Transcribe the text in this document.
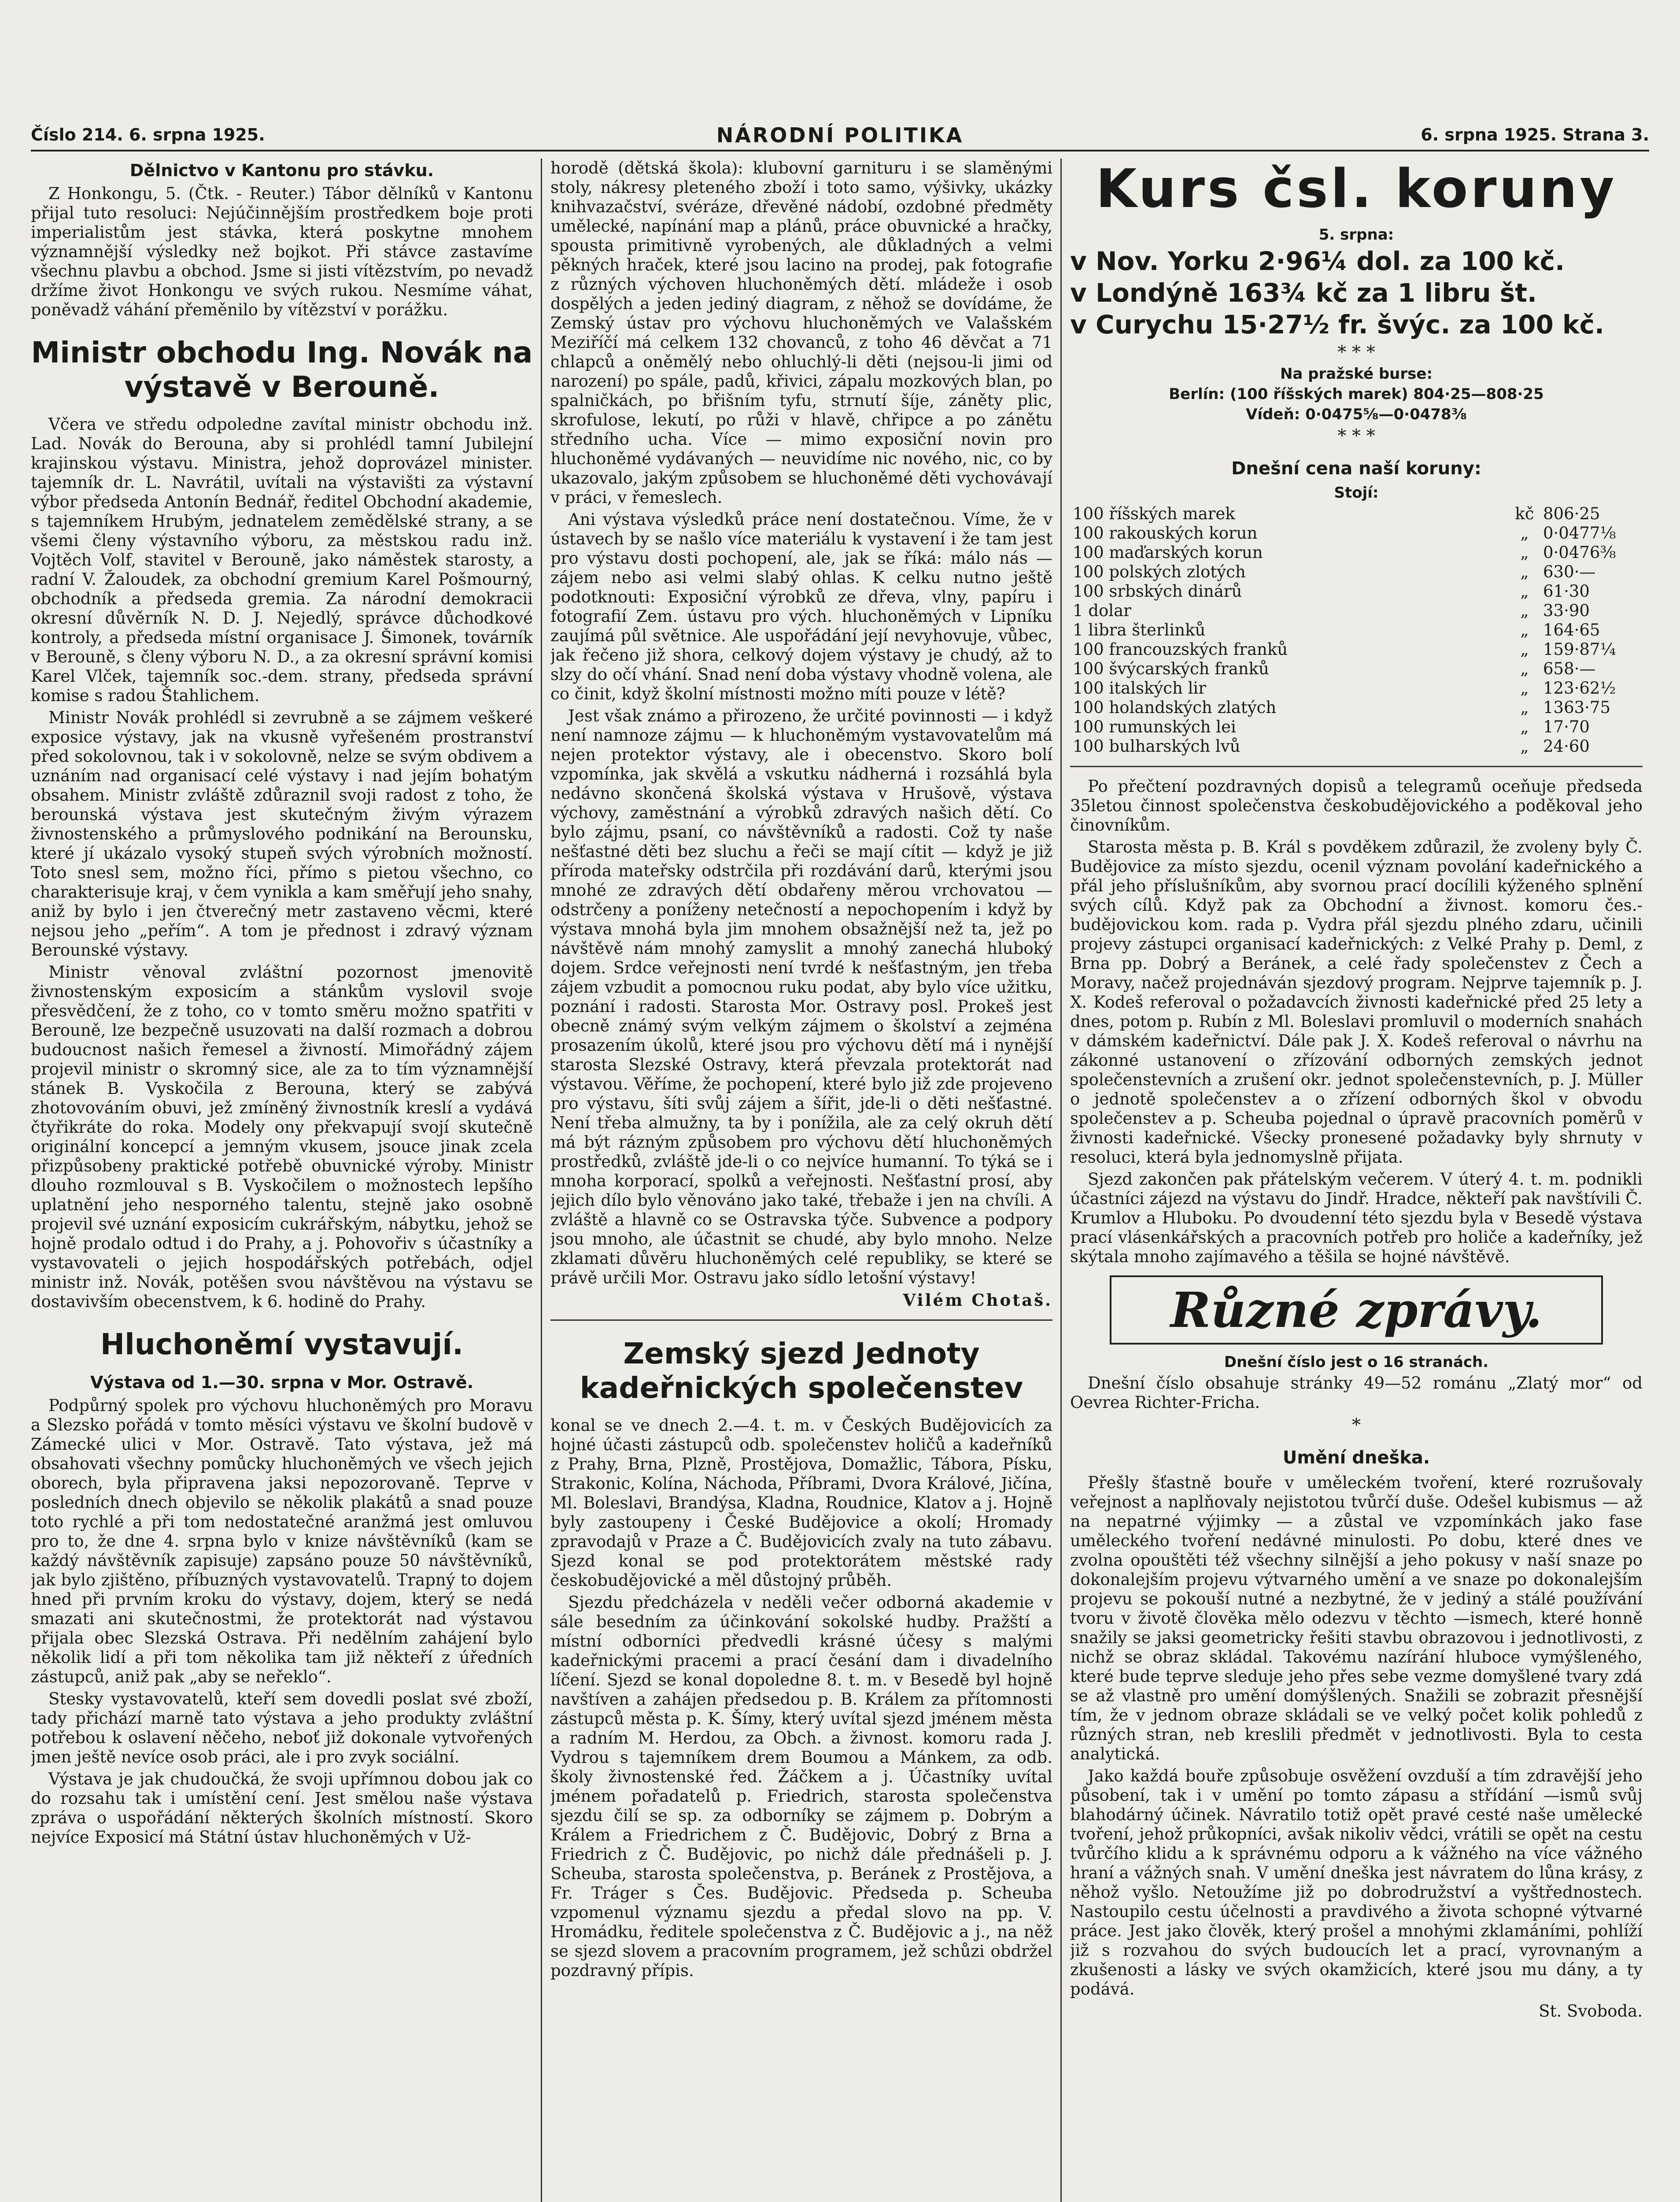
Číslo 214. 6. srpna 1925.	NÁRODNÍ POLITIKA	6. srpna 1925. Strana 3.
Dělnictvo v Kantonu pro stávku.

Z Honkongu, 5. (Čtk. - Reuter.) Tábor dělníků v Kantonu přijal tuto resoluci: Nejúčinnějším prostředkem boje proti imperialistům jest stávka, která poskytne mnohem významnější výsledky než bojkot. Při stávce zastavíme všechnu plavbu a obchod. Jsme si jisti vítězstvím, po nevadž držíme život Honkongu ve svých rukou. Nesmíme váhat, poněvadž váhání přeměnilo by vítězství v porážku.

Ministr obchodu Ing. Novák na výstavě v Berouně.

Včera ve středu odpoledne zavítal ministr obchodu inž. Lad. Novák do Berouna, aby si prohlédl tamní Jubilejní krajinskou výstavu. Ministra, jehož doprovázel minister. tajemník dr. L. Navrátil, uvítali na výstavišti za výstavní výbor předseda Antonín Bednář, ředitel Obchodní akademie, s tajemníkem Hrubým, jednatelem zemědělské strany, a se všemi členy výstavního výboru, za městskou radu inž. Vojtěch Volf, stavitel v Berouně, jako náměstek starosty, a radní V. Žaloudek, za obchodní gremium Karel Pošmourný, obchodník a předseda gremia. Za národní demokracii okresní důvěrník N. D. J. Nejedlý, správce důchodkové kontroly, a předseda místní organisace J. Šimonek, továrník v Berouně, s členy výboru N. D., a za okresní správní komisi Karel Vlček, tajemník soc.-dem. strany, předseda správní komise s radou Štahlichem.

Ministr Novák prohlédl si zevrubně a se zájmem veškeré exposice výstavy, jak na vkusně vyřešeném prostranství před sokolovnou, tak i v sokolovně, nelze se svým obdivem a uznáním nad organisací celé výstavy i nad jejím bohatým obsahem. Ministr zvláště zdůraznil svoji radost z toho, že berounská výstava jest skutečným živým výrazem živnostenského a průmyslového podnikání na Berounsku, které jí ukázalo vysoký stupeň svých výrobních možností. Toto snesl sem, možno říci, přímo s pietou všechno, co charakterisuje kraj, v čem vynikla a kam směřují jeho snahy, aniž by bylo i jen čtverečný metr zastaveno věcmi, které nejsou jeho „peřím“. A tom je přednost i zdravý význam Berounské výstavy.

Ministr věnoval zvláštní pozornost jmenovitě živnostenským exposicím a stánkům vyslovil svoje přesvědčení, že z toho, co v tomto směru možno spatřiti v Berouně, lze bezpečně usuzovati na další rozmach a dobrou budoucnost našich řemesel a živností. Mimořádný zájem projevil ministr o skromný sice, ale za to tím významnější stánek B. Vyskočila z Berouna, který se zabývá zhotovováním obuvi, jež zmíněný živnostník kreslí a vydává čtyřikráte do roka. Modely ony překvapují svojí skutečně originální koncepcí a jemným vkusem, jsouce jinak zcela přizpůsobeny praktické potřebě obuvnické výroby. Ministr dlouho rozmlouval s B. Vyskočilem o možnostech lepšího uplatnění jeho nesporného talentu, stejně jako osobně projevil své uznání exposicím cukrářským, nábytku, jehož se hojně prodalo odtud i do Prahy, a j. Pohovořiv s účastníky a vystavovateli o jejich hospodářských potřebách, odjel ministr inž. Novák, potěšen svou návštěvou na výstavu se dostavivším obecenstvem, k 6. hodině do Prahy.

Hluchoněmí vystavují.
Výstava od 1.—30. srpna v Mor. Ostravě.

Podpůrný spolek pro výchovu hluchoněmých pro Moravu a Slezsko pořádá v tomto měsíci výstavu ve školní budově v Zámecké ulici v Mor. Ostravě. Tato výstava, jež má obsahovati všechny pomůcky hluchoněmých ve všech jejich oborech, byla připravena jaksi nepozorovaně. Teprve v posledních dnech objevilo se několik plakátů a snad pouze toto rychlé a při tom nedostatečné aranžmá jest omluvou pro to, že dne 4. srpna bylo v knize návštěvníků (kam se každý návštěvník zapisuje) zapsáno pouze 50 návštěvníků, jak bylo zjištěno, příbuzných vystavovatelů. Trapný to dojem hned při prvním kroku do výstavy, dojem, který se nedá smazati ani skutečnostmi, že protektorát nad výstavou přijala obec Slezská Ostrava. Při nedělním zahájení bylo několik lidí a při tom několika tam již někteří z úředních zástupců, aniž pak „aby se neřeklo“.

Stesky vystavovatelů, kteří sem dovedli poslat své zboží, tady přichází marně tato výstava a jeho produkty zvláštní potřebou k oslavení něčeho, neboť již dokonale vytvořených jmen ještě nevíce osob práci, ale i pro zvyk sociální.

Výstava je jak chudoučká, že svoji upřímnou dobou jak co do rozsahu tak i umístění cení. Jest smělou naše výstava zpráva o uspořádání některých školních místností. Skoro nejvíce Exposicí má Státní ústav hluchoněmých v Už-

horodě (dětská škola): klubovní garnituru i se slaměnými stoly, nákresy pleteného zboží i toto samo, výšivky, ukázky knihvazačství, svéráze, dřevěné nádobí, ozdobné předměty umělecké, napínání map a plánů, práce obuvnické a hračky, spousta primitivně vyrobených, ale důkladných a velmi pěkných hraček, které jsou lacino na prodej, pak fotografie z různých výchoven hluchoněmých dětí. mládeže i osob dospělých a jeden jediný diagram, z něhož se dovídáme, že Zemský ústav pro výchovu hluchoněmých ve Valašském Meziříčí má celkem 132 chovanců, z toho 46 děvčat a 71 chlapců a oněmělý nebo ohluchlý-li děti (nejsou-li jimi od narození) po spále, padů, křivici, zápalu mozkových blan, po spalničkách, po břišním tyfu, strnutí šíje, záněty plic, skrofulose, lekutí, po růži v hlavě, chřipce a po zánětu středního ucha. Více — mimo exposiční novin pro hluchoněmé vydávaných — neuvidíme nic nového, nic, co by ukazovalo, jakým způsobem se hluchoněmé děti vychovávají v práci, v řemeslech.

Ani výstava výsledků práce není dostatečnou. Víme, že v ústavech by se našlo více materiálu k vystavení i že tam jest pro výstavu dosti pochopení, ale, jak se říká: málo nás — zájem nebo asi velmi slabý ohlas. K celku nutno ještě podotknouti: Exposiční výrobků ze dřeva, vlny, papíru i fotografií Zem. ústavu pro vých. hluchoněmých v Lipníku zaujímá půl světnice. Ale uspořádání její nevyhovuje, vůbec, jak řečeno již shora, celkový dojem výstavy je chudý, až to slzy do očí vhání. Snad není doba výstavy vhodně volena, ale co činit, když školní místnosti možno míti pouze v létě?

Jest však známo a přirozeno, že určité povinnosti — i když není namnoze zájmu — k hluchoněmým vystavovatelům má nejen protektor výstavy, ale i obecenstvo. Skoro bolí vzpomínka, jak skvělá a vskutku nádherná i rozsáhlá byla nedávno skončená školská výstava v Hrušově, výstava výchovy, zaměstnání a výrobků zdravých našich dětí. Co bylo zájmu, psaní, co návštěvníků a radosti. Což ty naše nešťastné děti bez sluchu a řeči se mají cítit — když je již příroda mateřsky odstrčila při rozdávání darů, kterými jsou mnohé ze zdravých dětí obdařeny měrou vrchovatou — odstrčeny a poníženy netečností a nepochopením i když by výstava mnohá byla jim mnohem obsažnější než ta, jež po návštěvě nám mnohý zamyslit a mnohý zanechá hluboký dojem. Srdce veřejnosti není tvrdé k nešťastným, jen třeba zájem vzbudit a pomocnou ruku podat, aby bylo více užitku, poznání i radosti. Starosta Mor. Ostravy posl. Prokeš jest obecně známý svým velkým zájmem o školství a zejména prosazením úkolů, které jsou pro výchovu dětí má i nynější starosta Slezské Ostravy, která převzala protektorát nad výstavou. Věříme, že pochopení, které bylo již zde projeveno pro výstavu, šíti svůj zájem a šířit, jde-li o děti nešťastné. Není třeba almužny, ta by i ponížila, ale za celý okruh dětí má být rázným způsobem pro výchovu dětí hluchoněmých prostředků, zvláště jde-li o co nejvíce humanní. To týká se i mnoha korporací, spolků a veřejnosti. Nešťastní prosí, aby jejich dílo bylo věnováno jako také, třebaže i jen na chvíli. A zvláště a hlavně co se Ostravska týče. Subvence a podpory jsou mnoho, ale účastnit se chudé, aby bylo mnoho. Nelze zklamati důvěru hluchoněmých celé republiky, se které se právě určili Mor. Ostravu jako sídlo letošní výstavy!

Vilém Chotaš.

Zemský sjezd Jednoty kadeřnických společenstev

konal se ve dnech 2.—4. t. m. v Českých Budějovicích za hojné účasti zástupců odb. společenstev holičů a kadeřníků z Prahy, Brna, Plzně, Prostějova, Domažlic, Tábora, Písku, Strakonic, Kolína, Náchoda, Příbrami, Dvora Králové, Jičína, Ml. Boleslavi, Brandýsa, Kladna, Roudnice, Klatov a j. Hojně byly zastoupeny i České Budějovice a okolí; Hromady zpravodajů v Praze a Č. Budějovicích zvaly na tuto zábavu. Sjezd konal se pod protektorátem městské rady českobudějovické a měl důstojný průběh.

Sjezdu předcházela v neděli večer odborná akademie v sále besedním za účinkování sokolské hudby. Pražští a místní odborníci předvedli krásné účesy s malými kadeřnickými pracemi a prací česání dam i divadelního líčení. Sjezd se konal dopoledne 8. t. m. v Besedě byl hojně navštíven a zahájen předsedou p. B. Králem za přítomnosti zástupců města p. K. Šímy, který uvítal sjezd jménem města a radním M. Herdou, za Obch. a živnost. komoru rada J. Vydrou s tajemníkem drem Boumou a Mánkem, za odb. školy živnostenské řed. Žáčkem a j. Účastníky uvítal jménem pořadatelů p. Friedrich, starosta společenstva sjezdu čilí se sp. za odborníky se zájmem p. Dobrým a Králem a Friedrichem z Č. Budějovic, Dobrý z Brna a Friedrich z Č. Budějovic, po nichž dále přednášeli p. J. Scheuba, starosta společenstva, p. Beránek z Prostějova, a Fr. Tráger s Čes. Budějovic. Předseda p. Scheuba vzpomenul významu sjezdu a předal slovo na pp. V. Hromádku, ředitele společenstva z Č. Budějovic a j., na něž se sjezd slovem a pracovním programem, jež schůzi obdržel pozdravný přípis.

Kurs čsl. koruny
5. srpna:
v Nov. Yorku 2·96¼ dol. za 100 kč.
v Londýně 163¾ kč za 1 libru št.
v Curychu 15·27½ fr. švýc. za 100 kč.
* * *
Na pražské burse:
Berlín: (100 říšských marek) 804·25—808·25
Vídeň: 0·0475⅝—0·0478⅜
* * *
Dnešní cena naší koruny:
Stojí:
100 říšských marek	kč	806·25
100 rakouských korun	„	0·0477⅛
100 maďarských korun	„	0·0476⅜
100 polských zlotých	„	630·—
100 srbských dinárů	„	61·30
1 dolar	„	33·90
1 libra šterlinků	„	164·65
100 francouzských franků	„	159·87¼
100 švýcarských franků	„	658·—
100 italských lir	„	123·62½
100 holandských zlatých	„	1363·75
100 rumunských lei	„	17·70
100 bulharských lvů	„	24·60

Po přečtení pozdravných dopisů a telegramů oceňuje předseda 35letou činnost společenstva českobudějovického a poděkoval jeho činovníkům.

Starosta města p. B. Král s povděkem zdůrazil, že zvoleny byly Č. Budějovice za místo sjezdu, ocenil význam povolání kadeřnického a přál jeho příslušníkům, aby svornou prací docílili kýženého splnění svých cílů. Když pak za Obchodní a živnost. komoru čes.-budějovickou kom. rada p. Vydra přál sjezdu plného zdaru, učinili projevy zástupci organisací kadeřnických: z Velké Prahy p. Deml, z Brna pp. Dobrý a Beránek, a celé řady společenstev z Čech a Moravy, načež projednáván sjezdový program. Nejprve tajemník p. J. X. Kodeš referoval o požadavcích živnosti kadeřnické před 25 lety a dnes, potom p. Rubín z Ml. Boleslavi promluvil o moderních snahách v dámském kadeřnictví. Dále pak J. X. Kodeš referoval o návrhu na zákonné ustanovení o zřízování odborných zemských jednot společenstevních a zrušení okr. jednot společenstevních, p. J. Müller o jednotě společenstev a o zřízení odborných škol v obvodu společenstev a p. Scheuba pojednal o úpravě pracovních poměrů v živnosti kadeřnické. Všecky pronesené požadavky byly shrnuty v resoluci, která byla jednomyslně přijata.

Sjezd zakončen pak přátelským večerem. V úterý 4. t. m. podnikli účastníci zájezd na výstavu do Jindř. Hradce, někteří pak navštívili Č. Krumlov a Hluboku. Po dvoudenní této sjezdu byla v Besedě výstava prací vlásenkářských a pracovních potřeb pro holiče a kadeřníky, jež skýtala mnoho zajímavého a těšila se hojné návštěvě.

Různé zprávy.
Dnešní číslo jest o 16 stranách.

Dnešní číslo obsahuje stránky 49—52 románu „Zlatý mor“ od Oevrea Richter-Fricha.

*
Umění dneška.

Přešly šťastně bouře v uměleckém tvoření, které rozrušovaly veřejnost a naplňovaly nejistotou tvůrčí duše. Odešel kubismus — až na nepatrné výjimky — a zůstal ve vzpomínkách jako fase uměleckého tvoření nedávné minulosti. Po dobu, které dnes ve zvolna opouštěti též všechny silnější a jeho pokusy v naší snaze po dokonalejším projevu výtvarného umění a ve snaze po dokonalejším projevu se pokouší nutné a nezbytné, že v jediný a stálé používání tvoru v životě člověka mělo odezvu v těchto —ismech, které honně snažily se jaksi geometricky řešiti stavbu obrazovou i jednotlivosti, z nichž se obraz skládal. Takovému nazírání hluboce vymýšleného, které bude teprve sleduje jeho přes sebe vezme domyšlené tvary zdá se až vlastně pro umění domýšlených. Snažili se zobrazit přesnější tím, že v jednom obraze skládali se ve velký počet kolik pohledů z různých stran, neb kreslili předmět v jednotlivosti. Byla to cesta analytická.

Jako každá bouře způsobuje osvěžení ovzduší a tím zdravější jeho působení, tak i v umění po tomto zápasu a střídání —ismů svůj blahodárný účinek. Návratilo totiž opět pravé cesté naše umělecké tvoření, jehož průkopníci, avšak nikoliv vědci, vrátili se opět na cestu tvůrčího klidu a k správnému odporu a k vážného na více vážného hraní a vážných snah. V umění dneška jest návratem do lůna krásy, z něhož vyšlo. Netoužíme již po dobrodružství a vyštřednostech. Nastoupilo cestu účelnosti a pravdivého a života schopné výtvarné práce. Jest jako člověk, který prošel a mnohými zklamáními, pohlíží již s rozvahou do svých budoucích let a prací, vyrovnaným a zkušenosti a lásky ve svých okamžicích, které jsou mu dány, a ty podává.

St. Svoboda.
